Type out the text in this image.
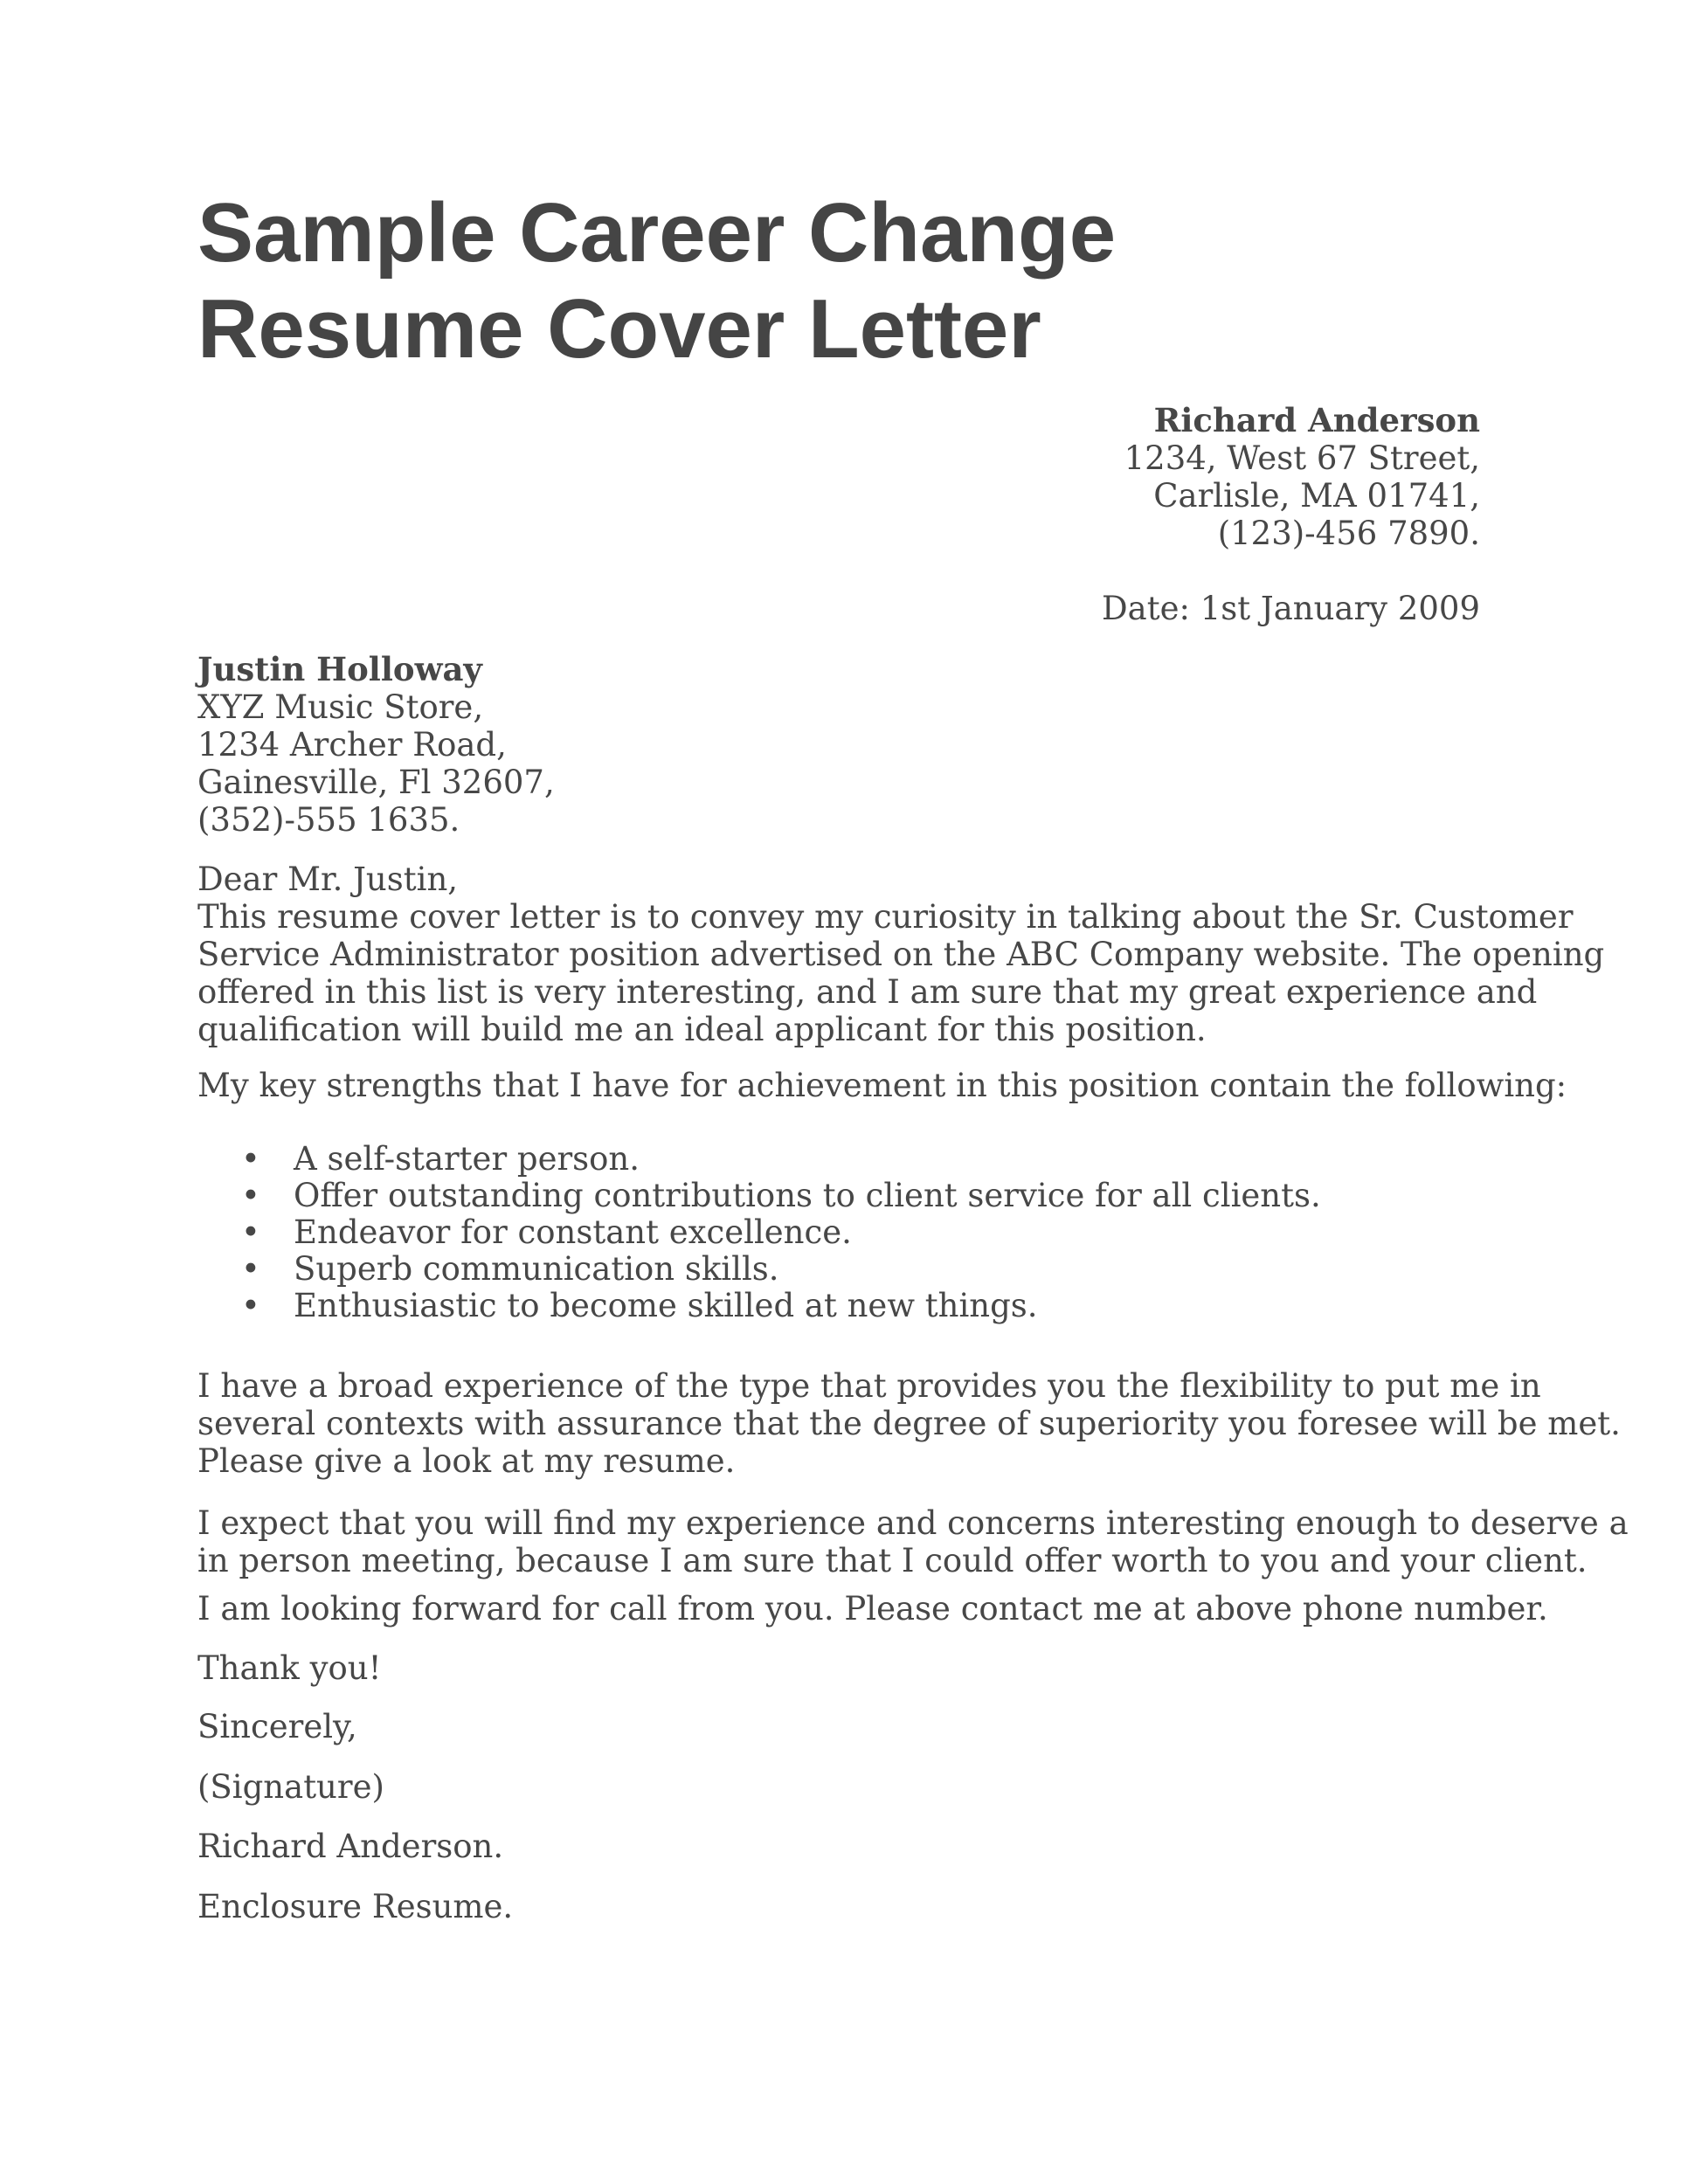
Sample Career Change
Resume Cover Letter
Richard Anderson
1234, West 67 Street,
Carlisle, MA 01741,
(123)-456 7890.
Date: 1st January 2009
Justin Holloway
XYZ Music Store,
1234 Archer Road,
Gainesville, Fl 32607,
(352)-555 1635.
Dear Mr. Justin,
This resume cover letter is to convey my curiosity in talking about the Sr. Customer
Service Administrator position advertised on the ABC Company website. The opening
offered in this list is very interesting, and I am sure that my great experience and
qualification will build me an ideal applicant for this position.
My key strengths that I have for achievement in this position contain the following:
• A self-starter person.
• Offer outstanding contributions to client service for all clients.
• Endeavor for constant excellence.
• Superb communication skills.
• Enthusiastic to become skilled at new things.
I have a broad experience of the type that provides you the flexibility to put me in
several contexts with assurance that the degree of superiority you foresee will be met.
Please give a look at my resume.
I expect that you will find my experience and concerns interesting enough to deserve a
in person meeting, because I am sure that I could offer worth to you and your client.
I am looking forward for call from you. Please contact me at above phone number.
Thank you!
Sincerely,
(Signature)
Richard Anderson.
Enclosure Resume.
